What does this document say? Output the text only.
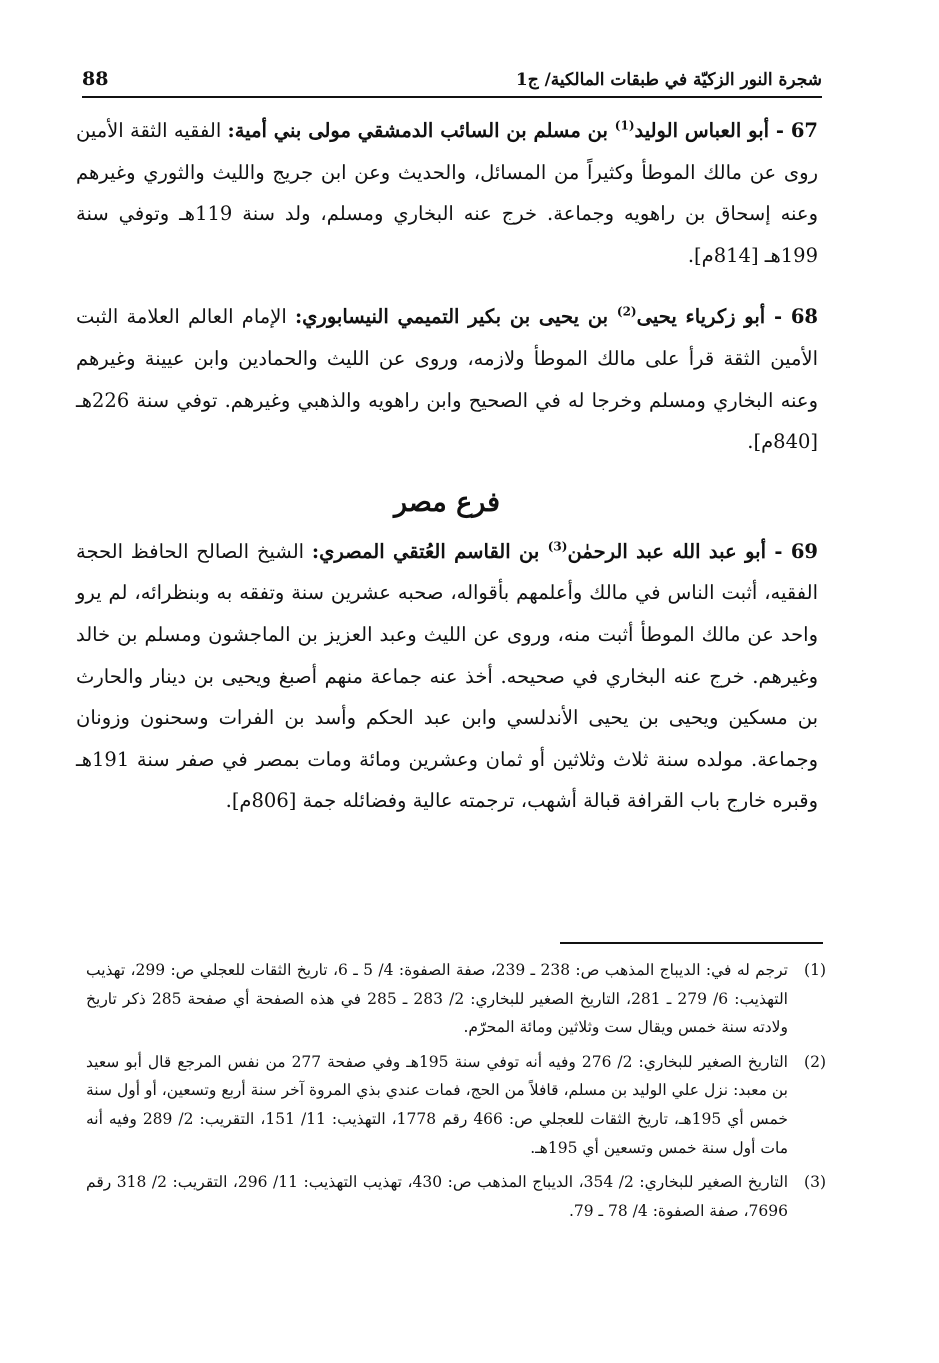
88	شجرة النور الزكيّة في طبقات المالكية/ ج1

67 - أبو العباس الوليد$^{(1)}$ بن مسلم بن السائب الدمشقي مولى بني أمية: الفقيه الثقة الأمين روى عن مالك الموطأ وكثيراً من المسائل، والحديث وعن ابن جريج والليث والثوري وغيرهم وعنه إسحاق بن راهويه وجماعة. خرج عنه البخاري ومسلم، ولد سنة 119هـ وتوفي سنة 199هـ [814م].

68 - أبو زكرياء يحيى$^{(2)}$ بن يحيى بن بكير التميمي النيسابوري: الإمام العالم العلامة الثبت الأمين الثقة قرأ على مالك الموطأ ولازمه، وروى عن الليث والحمادين وابن عيينة وغيرهم وعنه البخاري ومسلم وخرجا له في الصحيح وابن راهويه والذهبي وغيرهم. توفي سنة 226هـ [840م].

فرع مصر

69 - أبو عبد الله عبد الرحمٰن$^{(3)}$ بن القاسم العُتقي المصري: الشيخ الصالح الحافظ الحجة الفقيه، أثبت الناس في مالك وأعلمهم بأقواله، صحبه عشرين سنة وتفقه به وبنظرائه، لم يرو واحد عن مالك الموطأ أثبت منه، وروى عن الليث وعبد العزيز بن الماجشون ومسلم بن خالد وغيرهم. خرج عنه البخاري في صحيحه. أخذ عنه جماعة منهم أصبغ ويحيى بن دينار والحارث بن مسكين ويحيى بن يحيى الأندلسي وابن عبد الحكم وأسد بن الفرات وسحنون وزونان وجماعة. مولده سنة ثلاث وثلاثين أو ثمان وعشرين ومائة ومات بمصر في صفر سنة 191هـ وقبره خارج باب القرافة قبالة أشهب، ترجمته عالية وفضائله جمة [806م].

(1)
ترجم له في: الديباج المذهب ص: 238 ـ 239، صفة الصفوة: 4/ 5 ـ 6، تاريخ الثقات للعجلي ص: 299، تهذيب التهذيب: 6/ 279 ـ 281، التاريخ الصغير للبخاري: 2/ 283 ـ 285 في هذه الصفحة أي صفحة 285 ذكر تاريخ ولادته سنة خمس ويقال ست وثلاثين ومائة المحرّم.
(2)
التاريخ الصغير للبخاري: 2/ 276 وفيه أنه توفي سنة 195هـ وفي صفحة 277 من نفس المرجع قال أبو سعيد بن معبد: نزل علي الوليد بن مسلم، قافلاً من الحج، فمات عندي بذي المروة آخر سنة أربع وتسعين، أو أول سنة خمس أي 195هـ، تاريخ الثقات للعجلي ص: 466 رقم 1778، التهذيب: 11/ 151، التقريب: 2/ 289 وفيه أنه مات أول سنة خمس وتسعين أي 195هـ.
(3)
التاريخ الصغير للبخاري: 2/ 354، الديباج المذهب ص: 430، تهذيب التهذيب: 11/ 296، التقريب: 2/ 318 رقم 7696، صفة الصفوة: 4/ 78 ـ 79.
